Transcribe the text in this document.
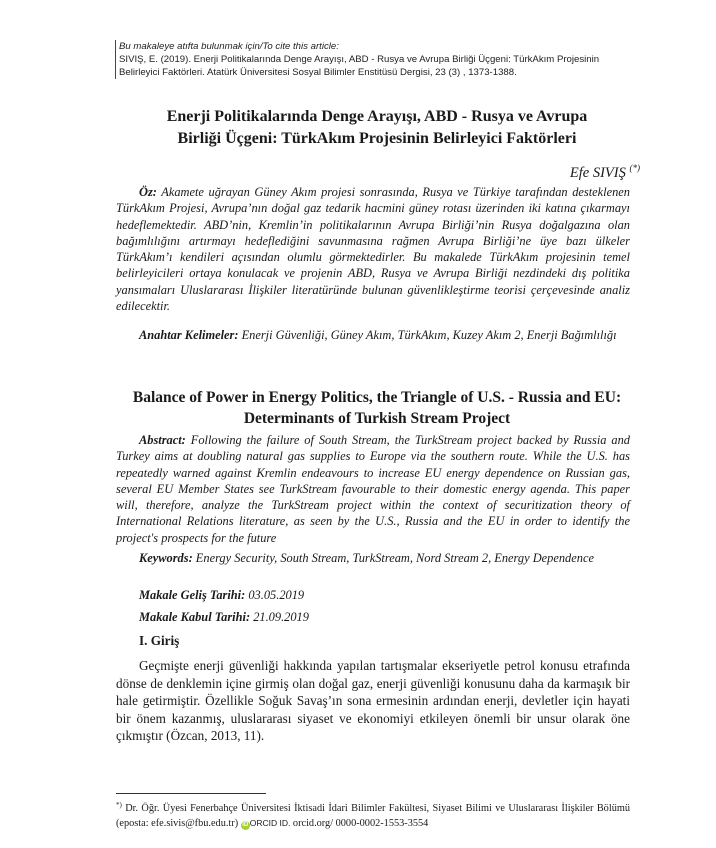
Bu makaleye atıfta bulunmak için/To cite this article:
SIVIŞ, E. (2019). Enerji Politikalarında Denge Arayışı, ABD - Rusya ve Avrupa Birliği Üçgeni: TürkAkım Projesinin Belirleyici Faktörleri. Atatürk Üniversitesi Sosyal Bilimler Enstitüsü Dergisi, 23 (3) , 1373-1388.
Enerji Politikalarında Denge Arayışı, ABD - Rusya ve Avrupa
Birliği Üçgeni: TürkAkım Projesinin Belirleyici Faktörleri
Efe SIVIŞ (*)
Öz: Akamete uğrayan Güney Akım projesi sonrasında, Rusya ve Türkiye tarafından desteklenen TürkAkım Projesi, Avrupa’nın doğal gaz tedarik hacmini güney rotası üzerinden iki katına çıkarmayı hedeflemektedir. ABD’nin, Kremlin’in politikalarının Avrupa Birliği’nin Rusya doğalgazına olan bağımlılığını artırmayı hedeflediğini savunmasına rağmen Avrupa Birliği’ne üye bazı ülkeler TürkAkım’ı kendileri açısından olumlu görmektedirler. Bu makalede TürkAkım projesinin temel belirleyicileri ortaya konulacak ve projenin ABD, Rusya ve Avrupa Birliği nezdindeki dış politika yansımaları Uluslararası İlişkiler literatüründe bulunan güvenlikleştirme teorisi çerçevesinde analiz edilecektir.
Anahtar Kelimeler: Enerji Güvenliği, Güney Akım, TürkAkım, Kuzey Akım 2, Enerji Bağımlılığı
Balance of Power in Energy Politics, the Triangle of U.S. - Russia and EU:
Determinants of Turkish Stream Project
Abstract: Following the failure of South Stream, the TurkStream project backed by Russia and Turkey aims at doubling natural gas supplies to Europe via the southern route. While the U.S. has repeatedly warned against Kremlin endeavours to increase EU energy dependence on Russian gas, several EU Member States see TurkStream favourable to their domestic energy agenda. This paper will, therefore, analyze the TurkStream project within the context of securitization theory of International Relations literature, as seen by the U.S., Russia and the EU in order to identify the project's prospects for the future
Keywords: Energy Security, South Stream, TurkStream, Nord Stream 2, Energy Dependence
Makale Geliş Tarihi: 03.05.2019
Makale Kabul Tarihi: 21.09.2019
I. Giriş
Geçmişte enerji güvenliği hakkında yapılan tartışmalar ekseriyetle petrol konusu etrafında dönse de denklemin içine girmiş olan doğal gaz, enerji güvenliği konusunu daha da karmaşık bir hale getirmiştir. Özellikle Soğuk Savaş’ın sona ermesinin ardından enerji, devletler için hayati bir önem kazanmış, uluslararası siyaset ve ekonomiyi etkileyen önemli bir unsur olarak öne çıkmıştır (Özcan, 2013, 11).
*) Dr. Öğr. Üyesi Fenerbahçe Üniversitesi İktisadi İdari Bilimler Fakültesi, Siyaset Bilimi ve Uluslararası İlişkiler Bölümü (eposta: efe.sivis@fbu.edu.tr) iD ORCID ID. orcid.org/ 0000-0002-1553-3554
